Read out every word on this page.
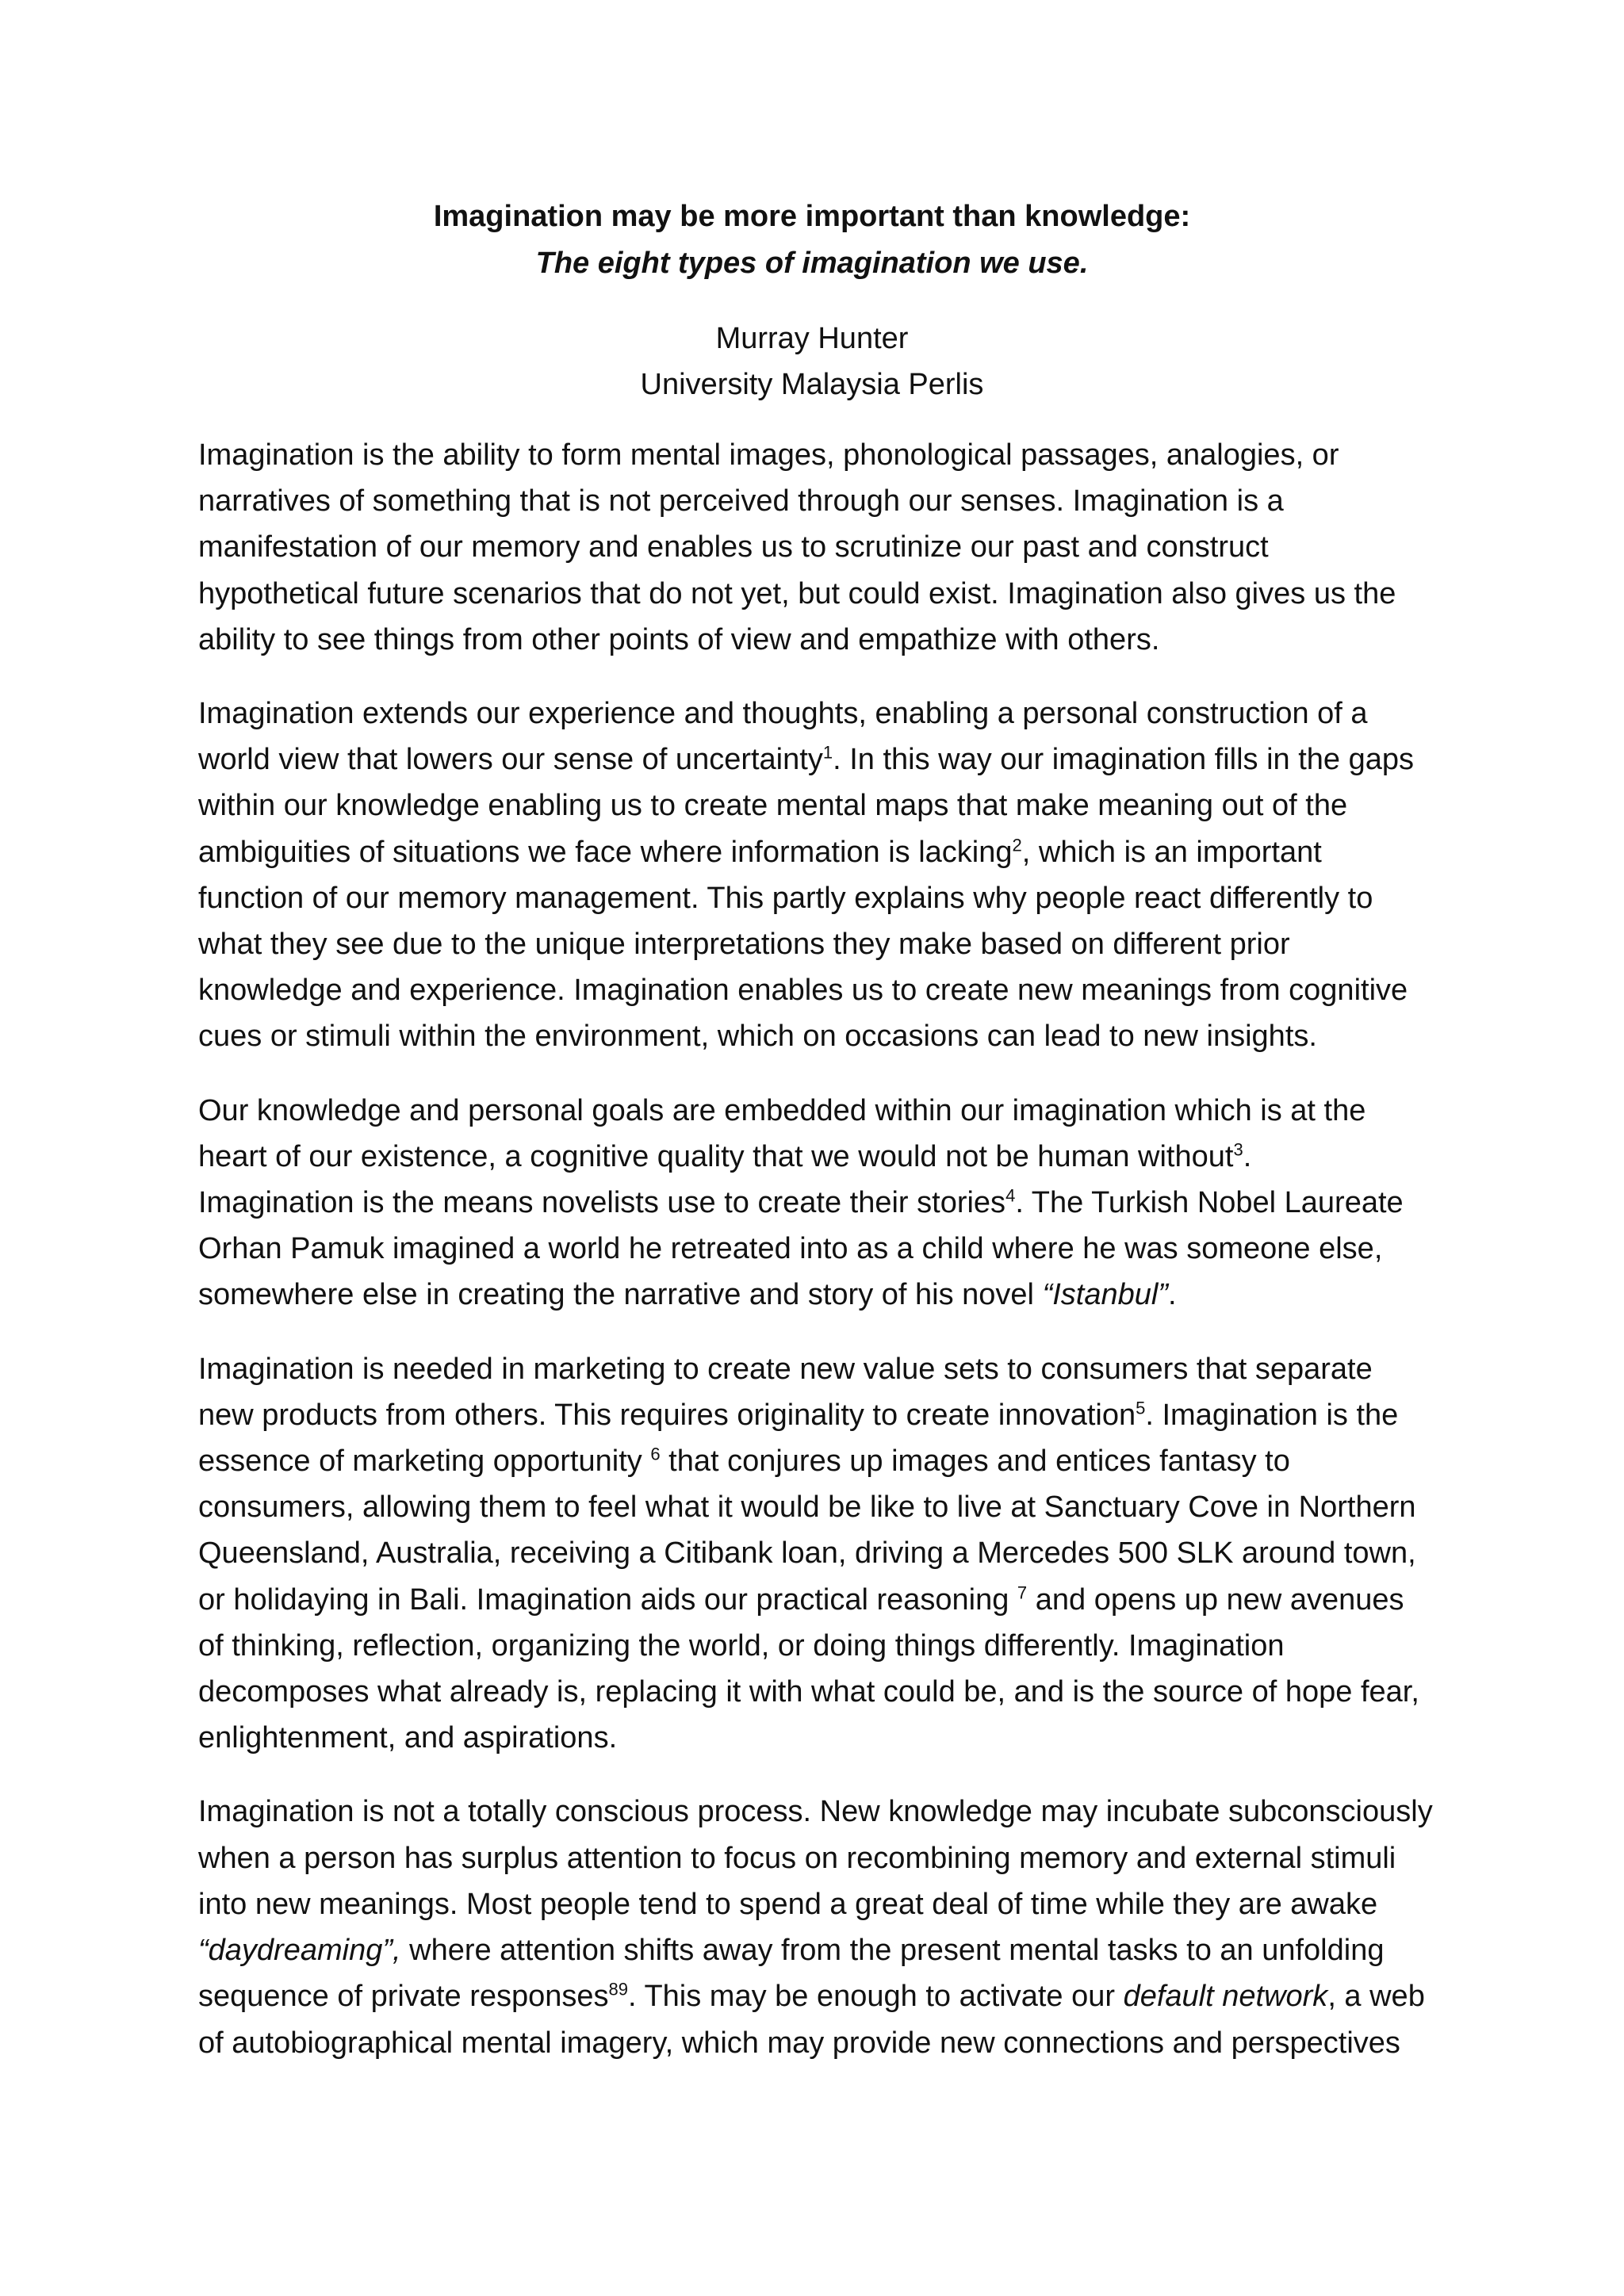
Imagination may be more important than knowledge:
The eight types of imagination we use.
Murray Hunter
University Malaysia Perlis

Imagination is the ability to form mental images, phonological passages, analogies, or
narratives of something that is not perceived through our senses. Imagination is a
manifestation of our memory and enables us to scrutinize our past and construct
hypothetical future scenarios that do not yet, but could exist. Imagination also gives us the
ability to see things from other points of view and empathize with others.

Imagination extends our experience and thoughts, enabling a personal construction of a
world view that lowers our sense of uncertainty$^1$. In this way our imagination fills in the gaps
within our knowledge enabling us to create mental maps that make meaning out of the
ambiguities of situations we face where information is lacking$^2$, which is an important
function of our memory management. This partly explains why people react differently to
what they see due to the unique interpretations they make based on different prior
knowledge and experience. Imagination enables us to create new meanings from cognitive
cues or stimuli within the environment, which on occasions can lead to new insights.

Our knowledge and personal goals are embedded within our imagination which is at the
heart of our existence, a cognitive quality that we would not be human without$^3$.
Imagination is the means novelists use to create their stories$^4$. The Turkish Nobel Laureate
Orhan Pamuk imagined a world he retreated into as a child where he was someone else,
somewhere else in creating the narrative and story of his novel “Istanbul”.

Imagination is needed in marketing to create new value sets to consumers that separate
new products from others. This requires originality to create innovation$^5$. Imagination is the
essence of marketing opportunity $^6$ that conjures up images and entices fantasy to
consumers, allowing them to feel what it would be like to live at Sanctuary Cove in Northern
Queensland, Australia, receiving a Citibank loan, driving a Mercedes 500 SLK around town,
or holidaying in Bali. Imagination aids our practical reasoning $^7$ and opens up new avenues
of thinking, reflection, organizing the world, or doing things differently. Imagination
decomposes what already is, replacing it with what could be, and is the source of hope fear,
enlightenment, and aspirations.

Imagination is not a totally conscious process. New knowledge may incubate subconsciously
when a person has surplus attention to focus on recombining memory and external stimuli
into new meanings. Most people tend to spend a great deal of time while they are awake
“daydreaming”, where attention shifts away from the present mental tasks to an unfolding
sequence of private responses$^{89}$. This may be enough to activate our default network, a web
of autobiographical mental imagery, which may provide new connections and perspectives
